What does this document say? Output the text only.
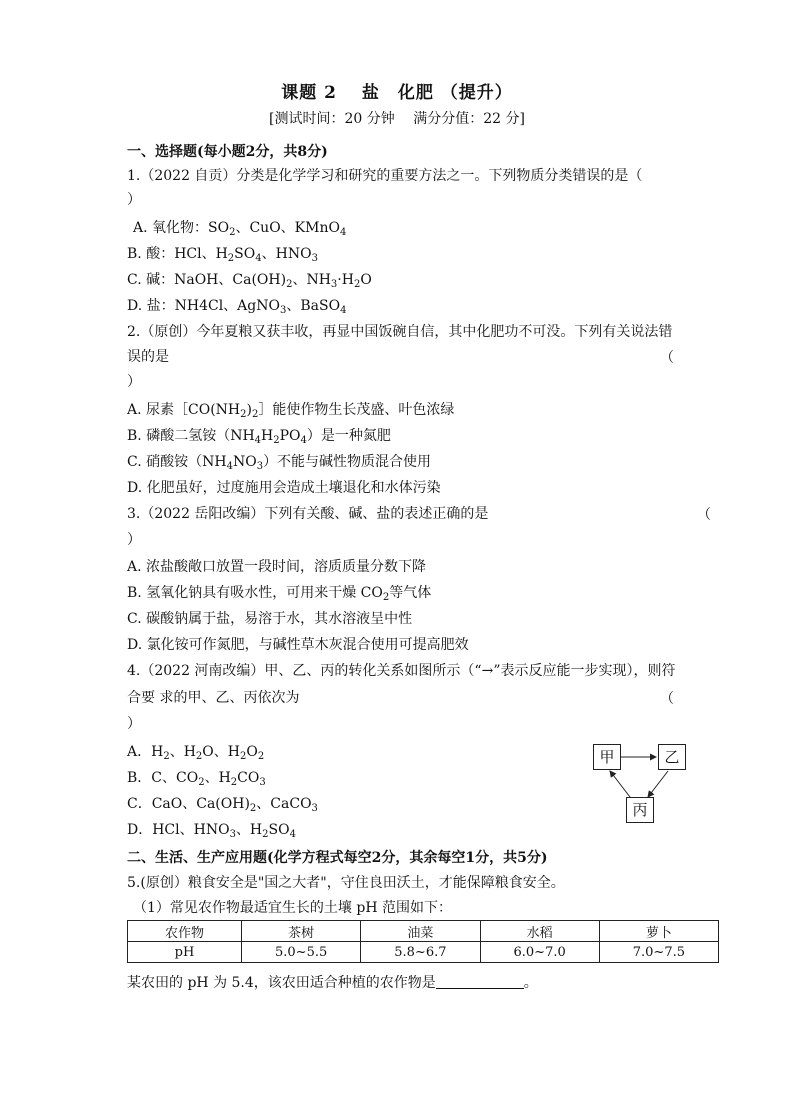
课题 2　 盐　化肥 （提升）
[测试时间：20 分钟　 满分分值：22 分]
一、选择题(每小题2分，共8分)
1.（2022 自贡）分类是化学学习和研究的重要方法之一。下列物质分类错误的是（
）
A. 氧化物：$SO_2$、CuO、KMnO$_4$
B. 酸：HCl、$H_2SO_4$、$HNO_3$
C. 碱：NaOH、$Ca(OH)_2$、$NH_3\cdot H_2O$
D. 盐：NH4Cl、AgNO$_3$、BaSO$_4$
2.（原创）今年夏粮又获丰收，再显中国饭碗自信，其中化肥功不可没。下列有关说法错
误的是	（
）
A. 尿素$[CO(NH_2)_2]$能使作物生长茂盛、叶色浓绿
B. 磷酸二氢铵$(NH_4H_2PO_4)$是一种氮肥
C. 硝酸铵$(NH_4NO_3)$不能与碱性物质混合使用
D. 化肥虽好，过度施用会造成土壤退化和水体污染
3.（2022 岳阳改编）下列有关酸、碱、盐的表述正确的是	（
）
A. 浓盐酸敞口放置一段时间，溶质质量分数下降
B. 氢氧化钠具有吸水性，可用来干燥 $CO_2$等气体
C. 碳酸钠属于盐，易溶于水，其水溶液呈中性
D. 氯化铵可作氮肥，与碱性草木灰混合使用可提高肥效
4.（2022 河南改编）甲、乙、丙的转化关系如图所示（“→”表示反应能一步实现），则符
合要 求的甲、乙、丙依次为	（
）
A．$H_2$、$H_2O$、$H_2O_2$
B．C、$CO_2$、$H_2CO_3$
C．CaO、$Ca(OH)_2$、CaCO$_3$
D．HCl、$HNO_3$、$H_2SO_4$
甲	乙
丙
二、生活、生产应用题(化学方程式每空2分，其余每空1分，共5分)
5.(原创）粮食安全是"国之大者"，守住良田沃土，才能保障粮食安全。
（1）常见农作物最适宜生长的土壤 pH 范围如下：
农作物	茶树	油菜	水稻	萝卜
pH	5.0~5.5	5.8~6.7	6.0~7.0	7.0~7.5
某农田的 pH 为 5.4，该农田适合种植的农作物是	。
